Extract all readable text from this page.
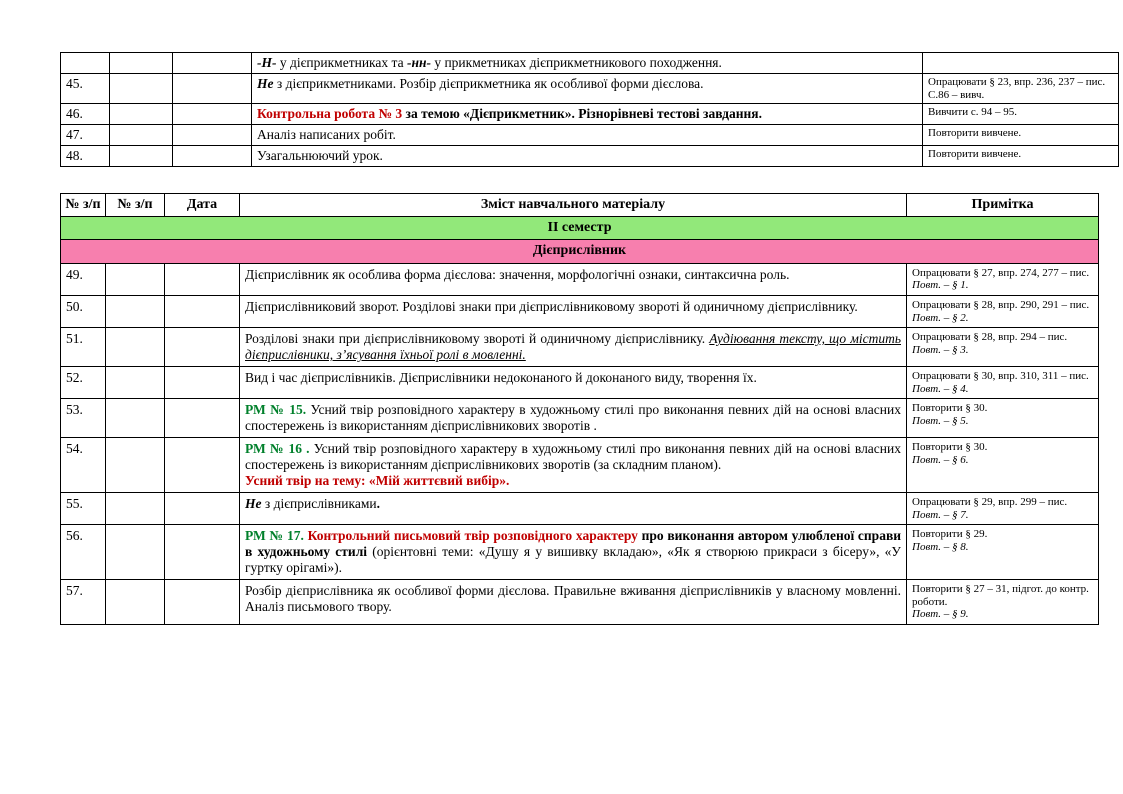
			-Н- у дієприкметниках та -нн- у прикметниках дієприкметникового походження.	
45.			Не з дієприкметниками. Розбір дієприкметника як особливої форми дієслова.	Опрацювати § 23, впр. 236, 237 – пис. С.86 – вивч.
46.			Контрольна робота № 3 за темою «Дієприкметник». Різнорівневі тестові завдання.	Вивчити с. 94 – 95.
47.			Аналіз написаних робіт.	Повторити вивчене.
48.			Узагальнюючий урок.	Повторити вивчене.
№ з/п	№ з/п	Дата	Зміст навчального матеріалу	Примітка
ІІ семестр				
Дієприслівник				
49.			Дієприслівник як особлива форма дієслова: значення, морфологічні ознаки, синтаксична роль.	Опрацювати § 27, впр. 274, 277 – пис.
Повт. – § 1.
50.			Дієприслівниковий зворот. Розділові знаки при дієприслівниковому звороті й одиничному дієприслівнику.	Опрацювати § 28, впр. 290, 291 – пис.
Повт. – § 2.
51.			Розділові знаки при дієприслівниковому звороті й одиничному дієприслівнику. Аудіювання тексту, що містить дієприслівники, з’ясування їхньої ролі в мовленні.	Опрацювати § 28, впр. 294 – пис.
Повт. – § 3.
52.			Вид і час дієприслівників. Дієприслівники недоконаного й доконаного виду, творення їх.	Опрацювати § 30, впр. 310, 311 – пис.
Повт. – § 4.
53.			РМ № 15. Усний твір розповідного характеру в художньому стилі про виконання певних дій на основі власних спостережень із використанням дієприслівникових зворотів .	Повторити § 30.
Повт. – § 5.
54.			РМ № 16 . Усний твір розповідного характеру в художньому стилі про виконання певних дій на основі власних спостережень із використанням дієприслівникових зворотів (за складним планом).
Усний твір на тему: «Мій життєвий вибір».	Повторити § 30.
Повт. – § 6.
55.			Не з дієприслівниками.	Опрацювати § 29, впр. 299 – пис.
Повт. – § 7.
56.			РМ № 17. Контрольний письмовий твір розповідного характеру про виконання автором улюбленої справи в художньому стилі (орієнтовні теми: «Душу я у вишивку вкладаю», «Як я створюю прикраси з бісеру», «У гуртку орігамі»).	Повторити § 29.
Повт. – § 8.
57.			Розбір дієприслівника як особливої форми дієслова. Правильне вживання дієприслівників у власному мовленні. Аналіз письмового твору.	Повторити § 27 – 31, підгот. до контр. роботи.
Повт. – § 9.
